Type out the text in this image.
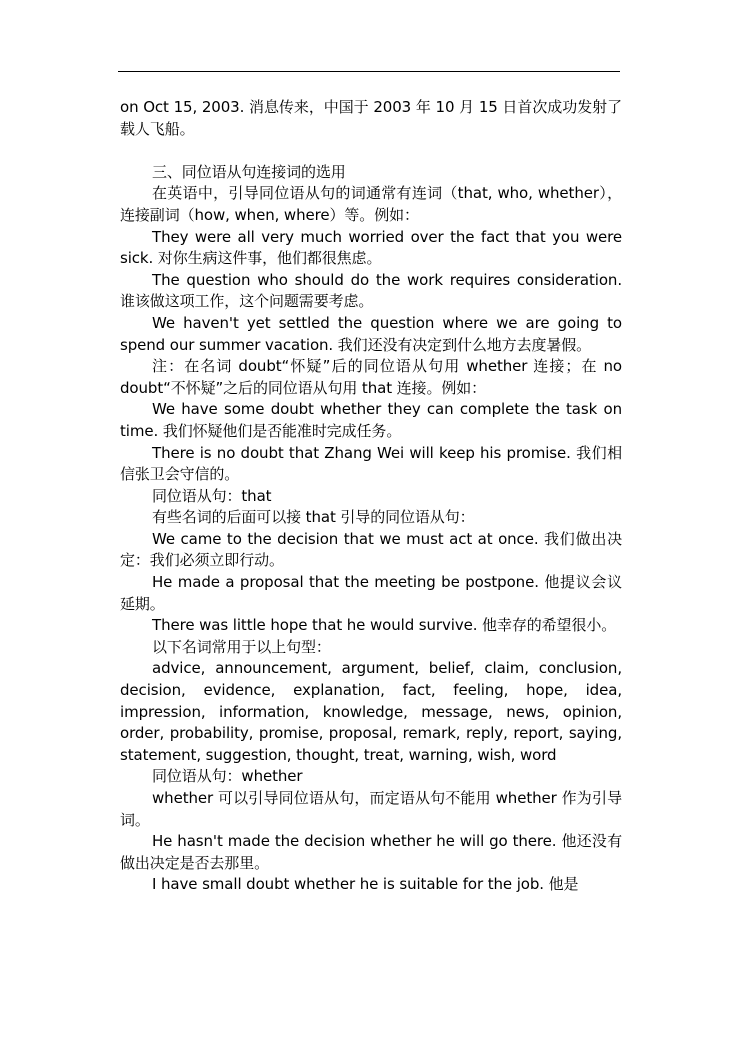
on Oct 15, 2003. 消息传来，中国于 2003 年 10 月 15 日首次成功发射了载人飞船。

三、同位语从句连接词的选用

在英语中，引导同位语从句的词通常有连词（that, who, whether），连接副词（how, when, where）等。例如：

They were all very much worried over the fact that you were sick. 对你生病这件事，他们都很焦虑。

The question who should do the work requires consideration. 谁该做这项工作，这个问题需要考虑。

We haven't yet settled the question where we are going to spend our summer vacation. 我们还没有决定到什么地方去度暑假。

注：在名词 doubt“怀疑”后的同位语从句用 whether 连接；在 no doubt“不怀疑”之后的同位语从句用 that 连接。例如：

We have some doubt whether they can complete the task on time. 我们怀疑他们是否能准时完成任务。

There is no doubt that Zhang Wei will keep his promise. 我们相信张卫会守信的。

同位语从句：that

有些名词的后面可以接 that 引导的同位语从句：

We came to the decision that we must act at once. 我们做出决定：我们必须立即行动。

He made a proposal that the meeting be postpone. 他提议会议延期。

There was little hope that he would survive. 他幸存的希望很小。

以下名词常用于以上句型：

advice, announcement, argument, belief, claim, conclusion, decision, evidence, explanation, fact, feeling, hope, idea, impression, information, knowledge, message, news, opinion, order, probability, promise, proposal, remark, reply, report, saying, statement, suggestion, thought, treat, warning, wish, word

同位语从句：whether

whether 可以引导同位语从句，而定语从句不能用 whether 作为引导词。

He hasn't made the decision whether he will go there. 他还没有做出决定是否去那里。

I have small doubt whether he is suitable for the job. 他是
